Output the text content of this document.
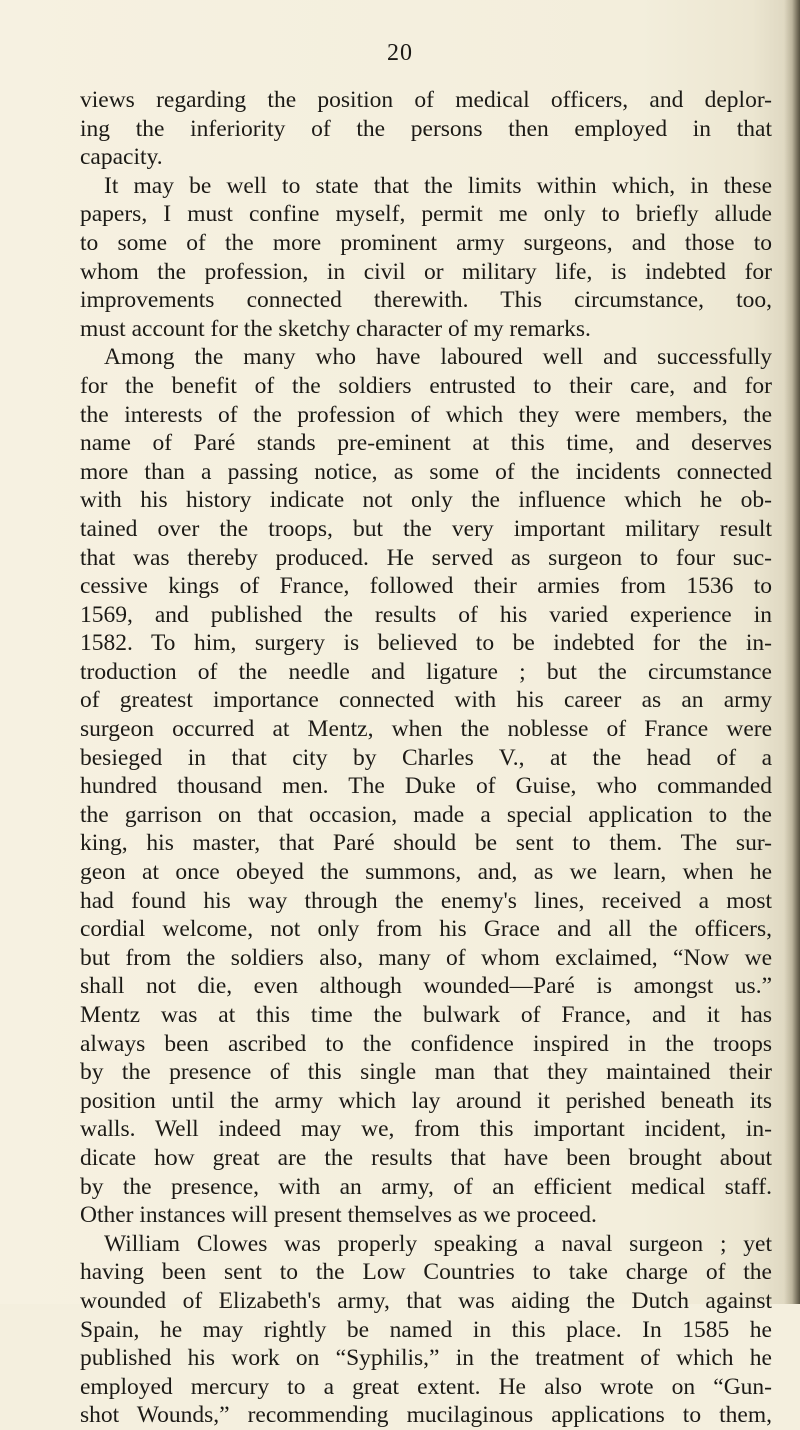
20
views regarding the position of medical officers, and deplor-
ing the inferiority of the persons then employed in that
capacity.
It may be well to state that the limits within which, in these
papers, I must confine myself, permit me only to briefly allude
to some of the more prominent army surgeons, and those to
whom the profession, in civil or military life, is indebted for
improvements connected therewith. This circumstance, too,
must account for the sketchy character of my remarks.
Among the many who have laboured well and successfully
for the benefit of the soldiers entrusted to their care, and for
the interests of the profession of which they were members, the
name of Paré stands pre-eminent at this time, and deserves
more than a passing notice, as some of the incidents connected
with his history indicate not only the influence which he ob-
tained over the troops, but the very important military result
that was thereby produced. He served as surgeon to four suc-
cessive kings of France, followed their armies from 1536 to
1569, and published the results of his varied experience in
1582. To him, surgery is believed to be indebted for the in-
troduction of the needle and ligature ; but the circumstance
of greatest importance connected with his career as an army
surgeon occurred at Mentz, when the noblesse of France were
besieged in that city by Charles V., at the head of a
hundred thousand men. The Duke of Guise, who commanded
the garrison on that occasion, made a special application to the
king, his master, that Paré should be sent to them. The sur-
geon at once obeyed the summons, and, as we learn, when he
had found his way through the enemy's lines, received a most
cordial welcome, not only from his Grace and all the officers,
but from the soldiers also, many of whom exclaimed, “Now we
shall not die, even although wounded—Paré is amongst us.”
Mentz was at this time the bulwark of France, and it has
always been ascribed to the confidence inspired in the troops
by the presence of this single man that they maintained their
position until the army which lay around it perished beneath its
walls. Well indeed may we, from this important incident, in-
dicate how great are the results that have been brought about
by the presence, with an army, of an efficient medical staff.
Other instances will present themselves as we proceed.
William Clowes was properly speaking a naval surgeon ; yet
having been sent to the Low Countries to take charge of the
wounded of Elizabeth's army, that was aiding the Dutch against
Spain, he may rightly be named in this place. In 1585 he
published his work on “Syphilis,” in the treatment of which he
employed mercury to a great extent. He also wrote on “Gun-
shot Wounds,” recommending mucilaginous applications to them,
